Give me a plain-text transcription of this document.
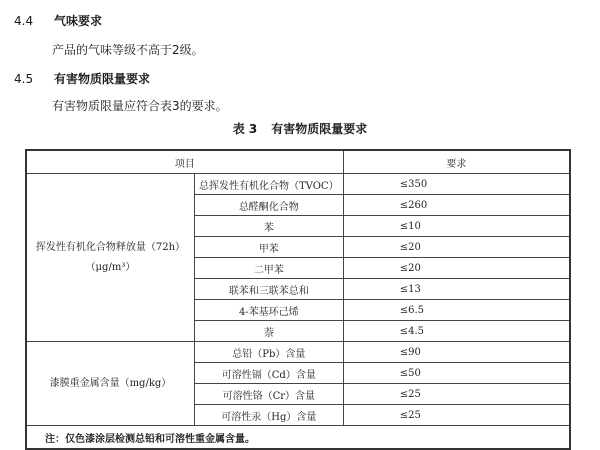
4.4 气味要求
产品的气味等级不高于2级。
4.5 有害物质限量要求
有害物质限量应符合表3的要求。
表 3 有害物质限量要求
项目		要求

挥发性有机化合物释放量（72h）
（μg/m³）	总挥发性有机化合物（TVOC）	≤350
	总醛酮化合物	≤260
	苯	≤10
	甲苯	≤20
	二甲苯	≤20
	联苯和三联苯总和	≤13
	4-苯基环己烯	≤6.5
	萘	≤4.5
漆膜重金属含量（mg/kg）	总铅（Pb）含量	≤90
	可溶性镉（Cd）含量	≤50
	可溶性铬（Cr）含量	≤25
	可溶性汞（Hg）含量	≤25
注：仅色漆涂层检测总铅和可溶性重金属含量。		
